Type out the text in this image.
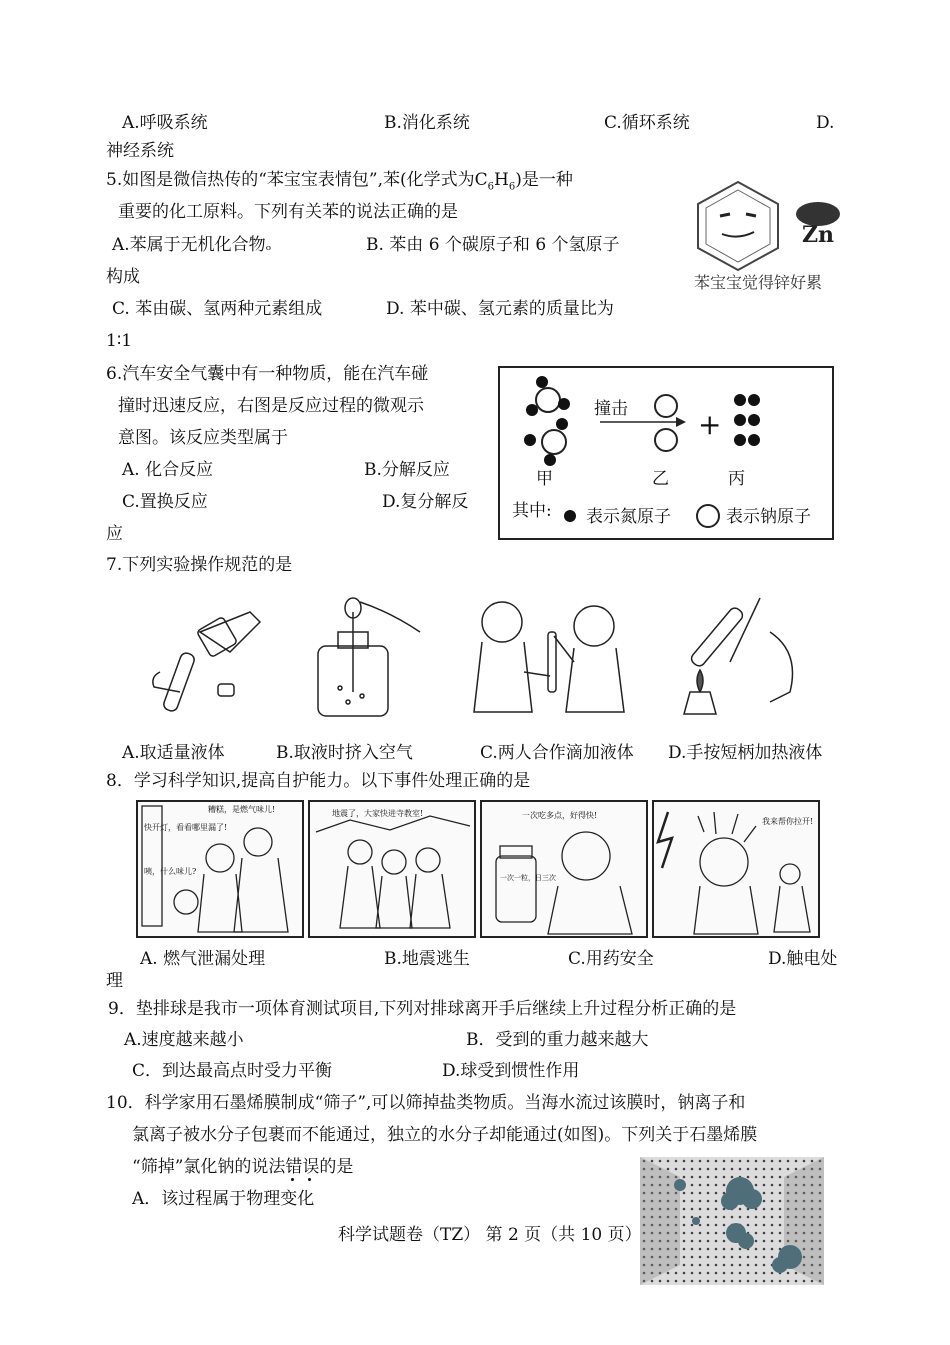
A.呼吸系统	B.消化系统	C.循环系统	D.
神经系统
5.如图是微信热传的“苯宝宝表情包”,苯(化学式为$C_6H_6$)是一种
重要的化工原料。下列有关苯的说法正确的是
A.苯属于无机化合物ₒ	B. 苯由 6 个碳原子和 6 个氢原子
构成
C. 苯由碳、氢两种元素组成	D. 苯中碳、氢元素的质量比为
1∶1
Zn
苯宝宝觉得锌好累
6.汽车安全气囊中有一种物质，能在汽车碰
撞时迅速反应，右图是反应过程的微观示
意图。该反应类型属于
A. 化合反应	B.分解反应
C.置换反应	D.复分解反
应
撞击	+
甲	乙	丙
其中: 表示氮原子	表示钠原子
7.下列实验操作规范的是
A.取适量液体	B.取液时挤入空气	C.两人合作滴加液体 D.手按短柄加热液体
8．学习科学知识,提高自护能力。以下事件处理正确的是
糟糕，是燃气味儿!
快开灯，看看哪里漏了!
咦，什么味儿?
地震了，大家快进寺教室!
一次一粒，日三次
一次吃多点，好得快!
我来帮你拉开!
A. 燃气泄漏处理	B.地震逃生	C.用药安全	D.触电处
理
9．垫排球是我市一项体育测试项目,下列对排球离开手后继续上升过程分析正确的是
A.速度越来越小	B．受到的重力越来越大
C．到达最高点时受力平衡	D.球受到惯性作用
10．科学家用石墨烯膜制成“筛子”,可以筛掉盐类物质。当海水流过该膜时，钠离子和
氯离子被水分子包裹而不能通过，独立的水分子却能通过(如图)。下列关于石墨烯膜
“筛掉”氯化钠的说法错误
的是
A．该过程属于物理变化
科学试题卷（TZ） 第 2 页（共 10 页）
